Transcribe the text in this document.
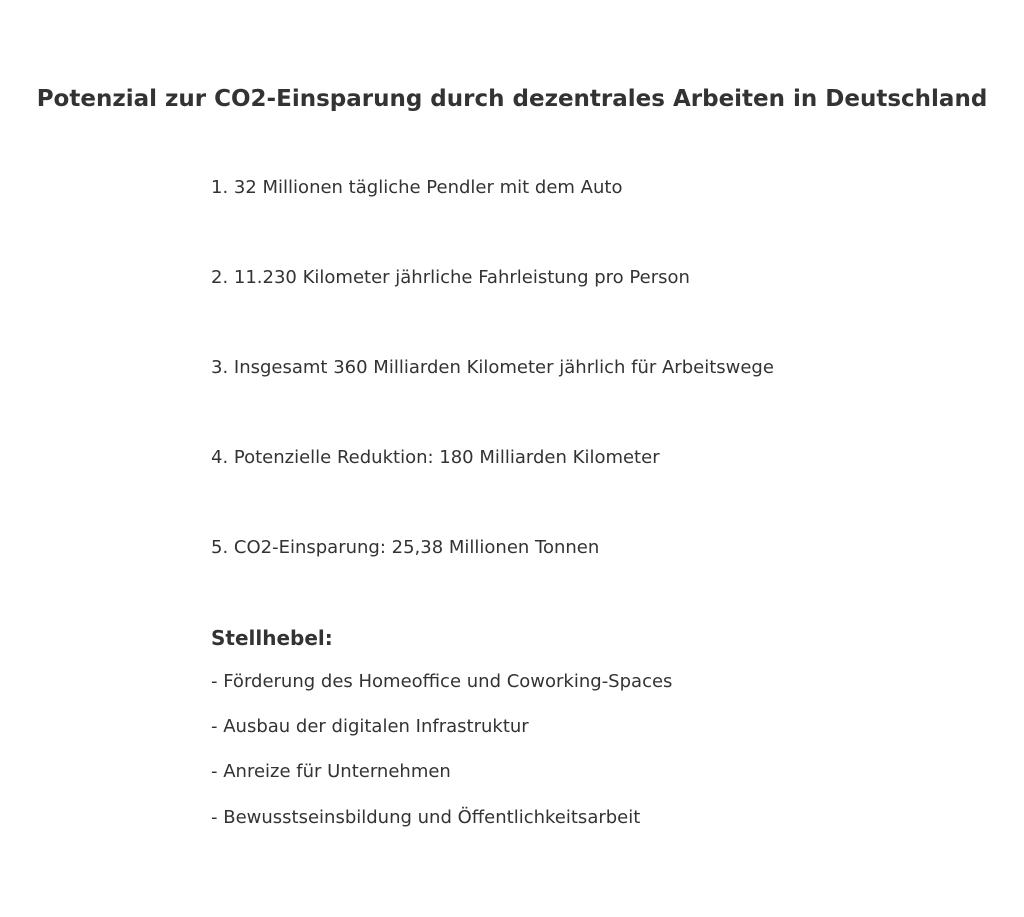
Potenzial zur CO2-Einsparung durch dezentrales Arbeiten in Deutschland
1. 32 Millionen tägliche Pendler mit dem Auto
2. 11.230 Kilometer jährliche Fahrleistung pro Person
3. Insgesamt 360 Milliarden Kilometer jährlich für Arbeitswege
4. Potenzielle Reduktion: 180 Milliarden Kilometer
5. CO2-Einsparung: 25,38 Millionen Tonnen
Stellhebel:
- Förderung des Homeoffice und Coworking-Spaces
- Ausbau der digitalen Infrastruktur
- Anreize für Unternehmen
- Bewusstseinsbildung und Öffentlichkeitsarbeit
